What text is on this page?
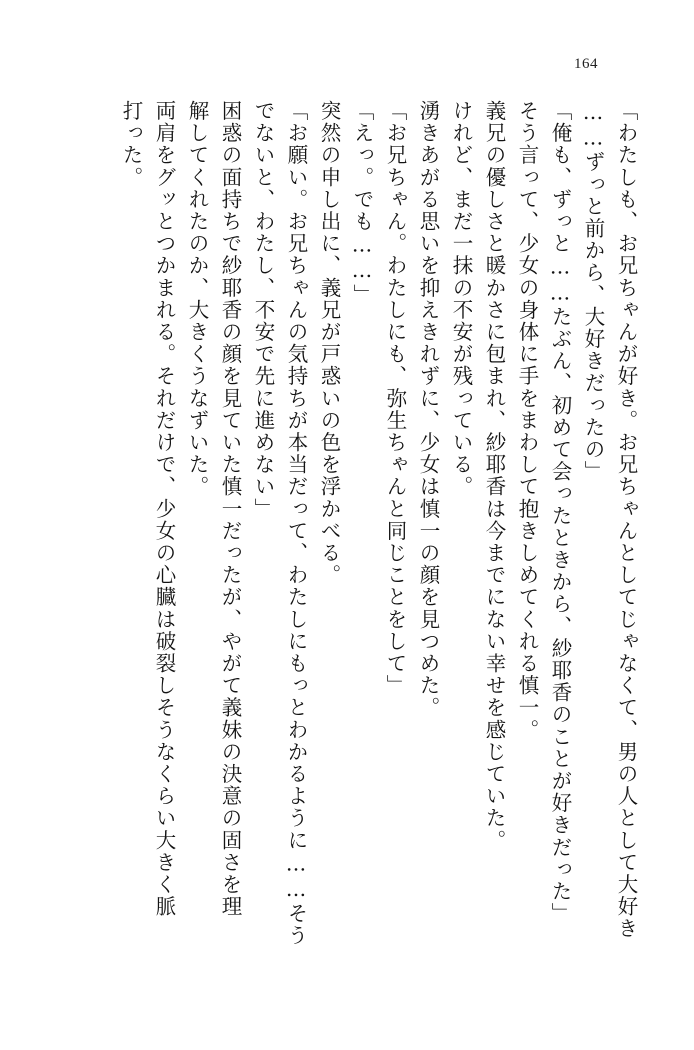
164
「わたしも、お兄ちゃんが好き。お兄ちゃんとしてじゃなくて、男の人として大好き
……ずっと前から、大好きだったの」
「俺も、ずっと……たぶん、初めて会ったときから、紗耶香のことが好きだった」
そう言って、少女の身体に手をまわして抱きしめてくれる慎一。
義兄の優しさと暖かさに包まれ、紗耶香は今までにない幸せを感じていた。
けれど、まだ一抹の不安が残っている。
湧きあがる思いを抑えきれずに、少女は慎一の顔を見つめた。
「お兄ちゃん。わたしにも、弥生ちゃんと同じことをして」
「えっ。でも……」
突然の申し出に、義兄が戸惑いの色を浮かべる。
「お願い。お兄ちゃんの気持ちが本当だって、わたしにもっとわかるように……そう
でないと、わたし、不安で先に進めない」
困惑の面持ちで紗耶香の顔を見ていた慎一だったが、やがて義妹の決意の固さを理
解してくれたのか、大きくうなずいた。
両肩をグッとつかまれる。それだけで、少女の心臓は破裂しそうなくらい大きく脈
打った。
